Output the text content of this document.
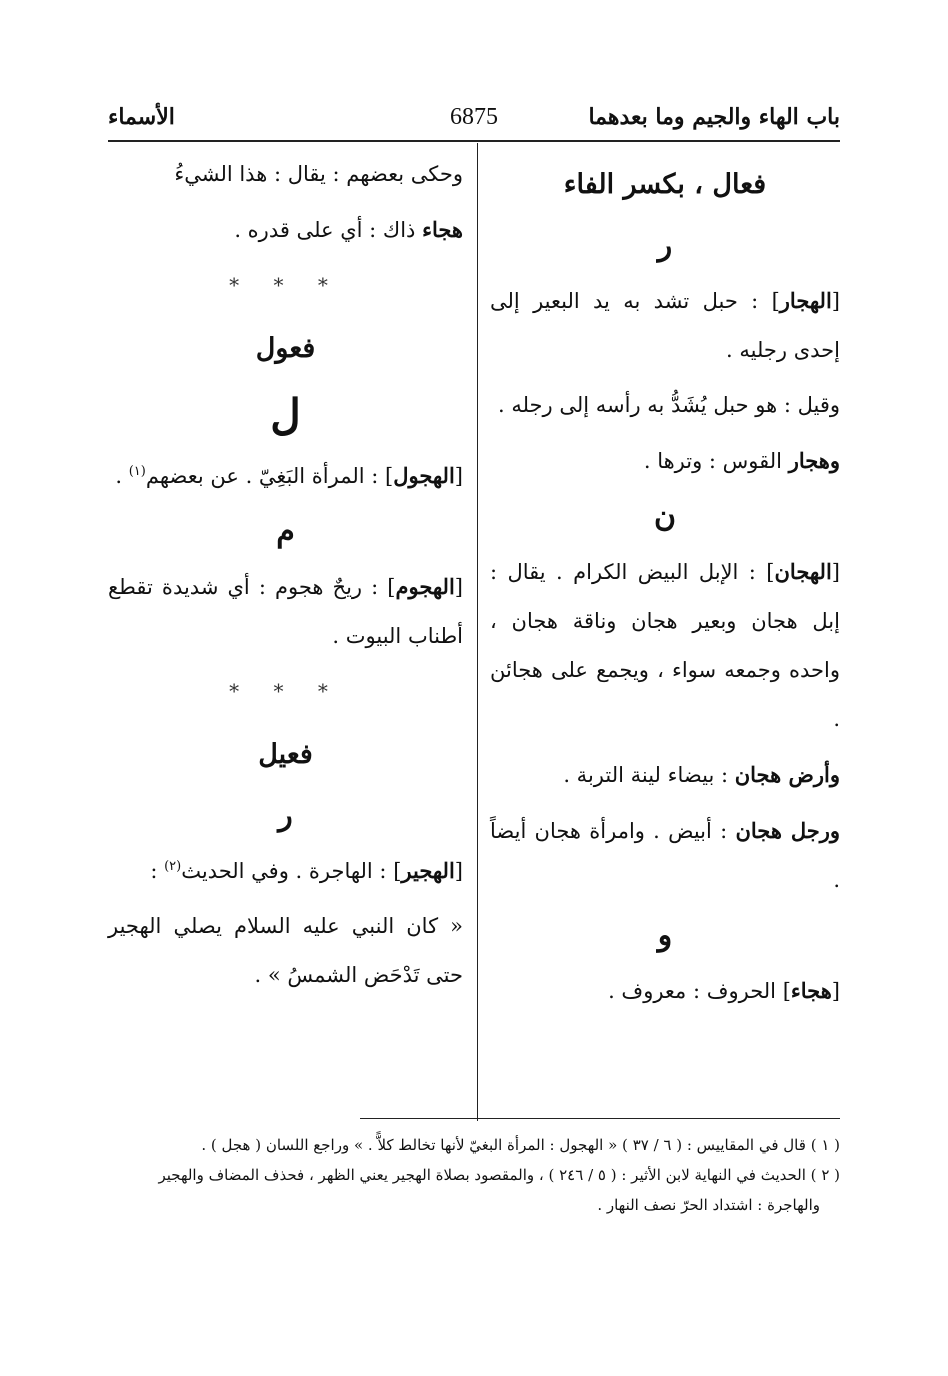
باب الهاء والجيم وما بعدهما
6875
الأسماء
فعال ، بكسر الفاء
ر

[الهجار] : حبل تشد به يد البعير إلى إحدى رجليه .

وقيل : هو حبل يُشَدُّ به رأسه إلى رجله .

وهجار القوس : وترها .

ن

[الهجان] : الإبل البيض الكرام . يقال : إبل هجان وبعير هجان وناقة هجان ، واحده وجمعه سواء ، ويجمع على هجائن .

وأرض هجان : بيضاء لينة التربة .

ورجل هجان : أبيض . وامرأة هجان أيضاً .

و

[هجاء] الحروف : معروف .

وحكى بعضهم : يقال : هذا الشيءُ

هجاء ذاك : أي على قدره .

* * *
فعول
ل

[الهجول] : المرأة البَغِيّ . عن بعضهم$^{(١)}$ .

م

[الهجوم] : ريحٌ هجوم : أي شديدة تقطع أطناب البيوت .

* * *
فعيل
ر

[الهجير] : الهاجرة . وفي الحديث$^{(٢)}$ :

« كان النبي عليه السلام يصلي الهجير حتى تَدْحَض الشمسُ » .

( ١ ) قال في المقاييس : ( ٦ / ٣٧ ) « الهجول : المرأة البغيّ لأنها تخالط كلاًّ . » وراجع اللسان ( هجل ) .

( ٢ ) الحديث في النهاية لابن الأثير : ( ٥ / ٢٤٦ ) ، والمقصود بصلاة الهجير يعني الظهر ، فحذف المضاف والهجير

والهاجرة : اشتداد الحرّ نصف النهار .
